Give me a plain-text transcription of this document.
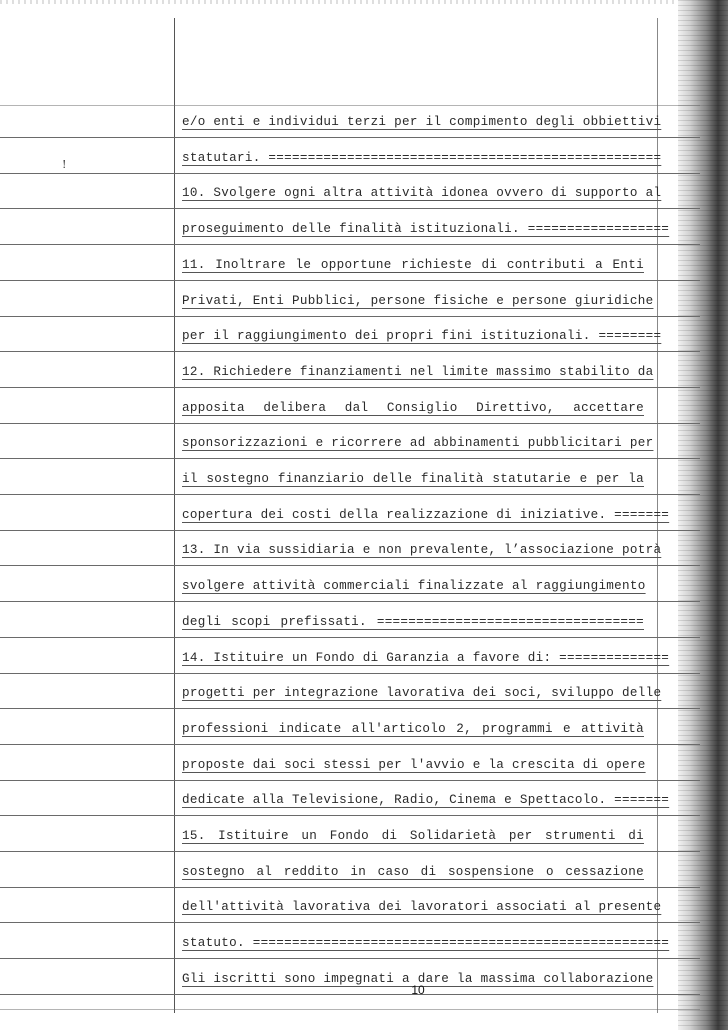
e/o enti e individui terzi per il compimento degli obbiettivi
statutari. ==================================================
10. Svolgere ogni altra attività idonea ovvero di supporto al
proseguimento delle finalità istituzionali. ==================
11. Inoltrare le opportune richieste di contributi a Enti
Privati, Enti Pubblici, persone fisiche e persone giuridiche
per il raggiungimento dei propri fini istituzionali. ========
12. Richiedere finanziamenti nel limite massimo stabilito da
apposita delibera dal Consiglio Direttivo, accettare
sponsorizzazioni e ricorrere ad abbinamenti pubblicitari per
il sostegno finanziario delle finalità statutarie e per la
copertura dei costi della realizzazione di iniziative. =======
13. In via sussidiaria e non prevalente, l’associazione potrà
svolgere attività commerciali finalizzate al raggiungimento
degli scopi prefissati. ==================================
14. Istituire un Fondo di Garanzia a favore di: ==============
progetti per integrazione lavorativa dei soci, sviluppo delle
professioni indicate all'articolo 2, programmi e attività
proposte dai soci stessi per l'avvio e la crescita di opere
dedicate alla Televisione, Radio, Cinema e Spettacolo. =======
15. Istituire un Fondo di Solidarietà per strumenti di
sostegno al reddito in caso di sospensione o cessazione
dell'attività lavorativa dei lavoratori associati al presente
statuto. =====================================================
Gli iscritti sono impegnati a dare la massima collaborazione
!
10
